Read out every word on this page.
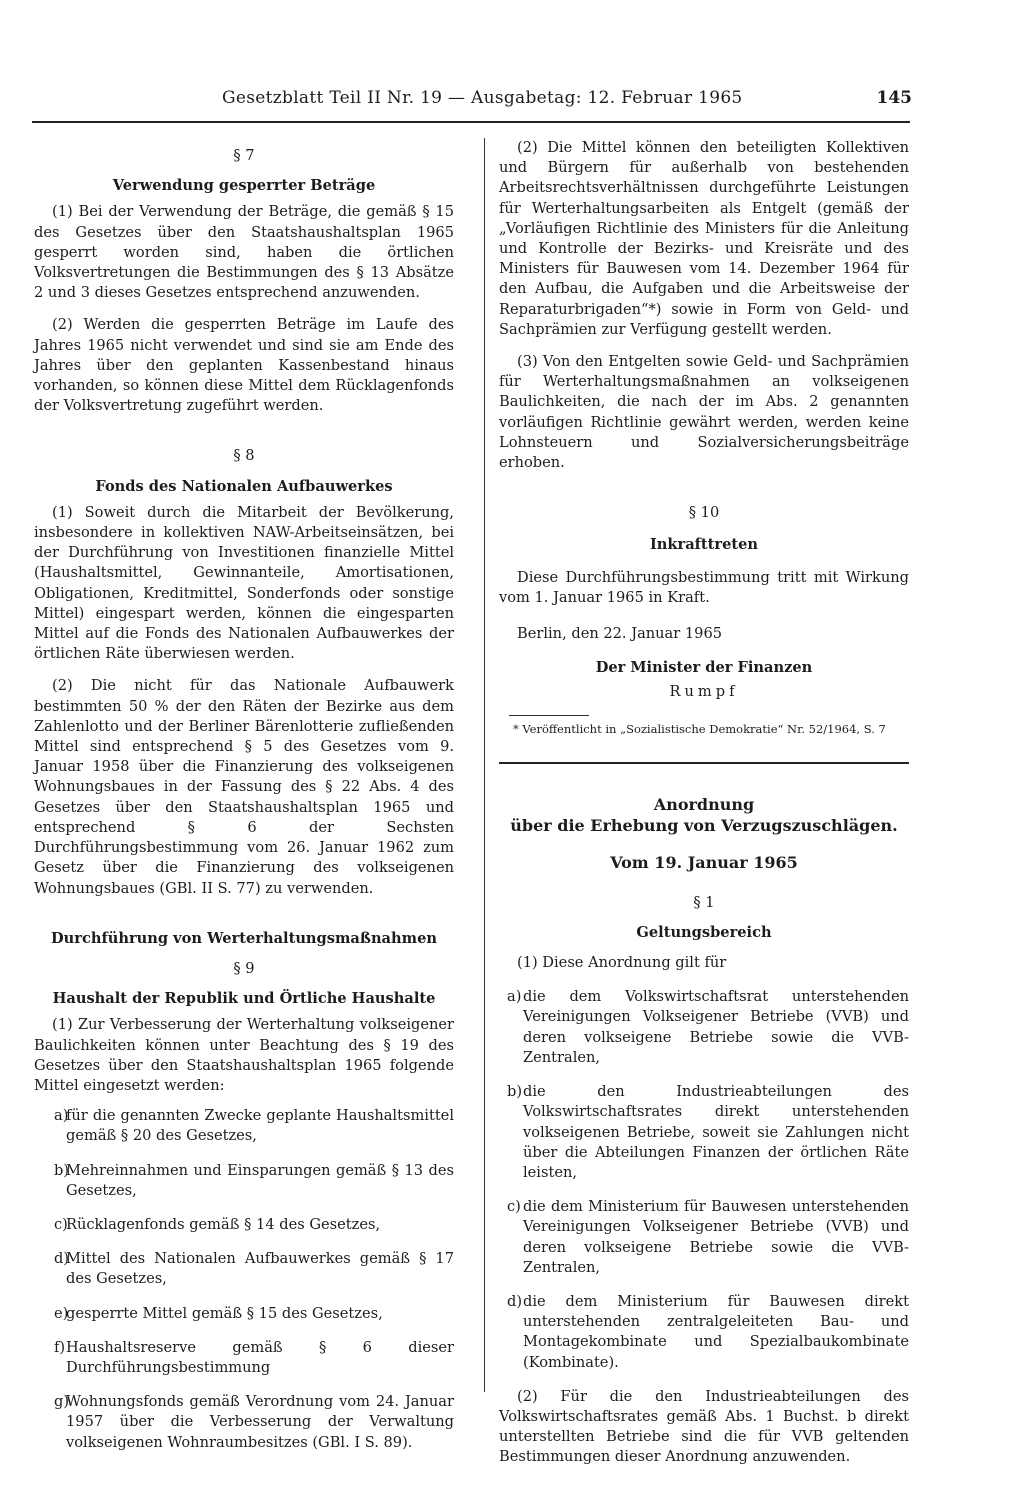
Gesetzblatt Teil II Nr. 19 — Ausgabetag: 12. Februar 1965	145

§ 7

Verwendung gesperrter Beträge

(1) Bei der Verwendung der Beträge, die gemäß § 15 des Gesetzes über den Staatshaushaltsplan 1965 gesperrt worden sind, haben die örtlichen Volksvertretungen die Bestimmungen des § 13 Absätze 2 und 3 dieses Gesetzes entsprechend anzuwenden.

(2) Werden die gesperrten Beträge im Laufe des Jahres 1965 nicht verwendet und sind sie am Ende des Jahres über den geplanten Kassenbestand hinaus vorhanden, so können diese Mittel dem Rücklagenfonds der Volksvertretung zugeführt werden.

§ 8

Fonds des Nationalen Aufbauwerkes

(1) Soweit durch die Mitarbeit der Bevölkerung, insbesondere in kollektiven NAW-Arbeitseinsätzen, bei der Durchführung von Investitionen finanzielle Mittel (Haushaltsmittel, Gewinnanteile, Amortisationen, Obligationen, Kreditmittel, Sonderfonds oder sonstige Mittel) eingespart werden, können die eingesparten Mittel auf die Fonds des Nationalen Aufbauwerkes der örtlichen Räte überwiesen werden.

(2) Die nicht für das Nationale Aufbauwerk bestimmten 50 % der den Räten der Bezirke aus dem Zahlenlotto und der Berliner Bärenlotterie zufließenden Mittel sind entsprechend § 5 des Gesetzes vom 9. Januar 1958 über die Finanzierung des volkseigenen Wohnungsbaues in der Fassung des § 22 Abs. 4 des Gesetzes über den Staatshaushaltsplan 1965 und entsprechend § 6 der Sechsten Durchführungsbestimmung vom 26. Januar 1962 zum Gesetz über die Finanzierung des volkseigenen Wohnungsbaues (GBl. II S. 77) zu verwenden.

Durchführung von Werterhaltungsmaßnahmen

§ 9

Haushalt der Republik und Örtliche Haushalte

(1) Zur Verbesserung der Werterhaltung volkseigener Baulichkeiten können unter Beachtung des § 19 des Gesetzes über den Staatshaushaltsplan 1965 folgende Mittel eingesetzt werden:

a)
für die genannten Zwecke geplante Haushaltsmittel gemäß § 20 des Gesetzes,
b)
Mehreinnahmen und Einsparungen gemäß § 13 des Gesetzes,
c)
Rücklagenfonds gemäß § 14 des Gesetzes,
d)
Mittel des Nationalen Aufbauwerkes gemäß § 17 des Gesetzes,
e)
gesperrte Mittel gemäß § 15 des Gesetzes,
f) Haushaltsreserve gemäß § 6 dieser Durchführungsbestimmung
g)
Wohnungsfonds gemäß Verordnung vom 24. Januar 1957 über die Verbesserung der Verwaltung volkseigenen Wohnraumbesitzes (GBl. I S. 89).

(2) Die Mittel können den beteiligten Kollektiven und Bürgern für außerhalb von bestehenden Arbeitsrechtsverhältnissen durchgeführte Leistungen für Werterhaltungsarbeiten als Entgelt (gemäß der „Vorläufigen Richtlinie des Ministers für die Anleitung und Kontrolle der Bezirks- und Kreisräte und des Ministers für Bauwesen vom 14. Dezember 1964 für den Aufbau, die Aufgaben und die Arbeitsweise der Reparaturbrigaden“*) sowie in Form von Geld- und Sachprämien zur Verfügung gestellt werden.

(3) Von den Entgelten sowie Geld- und Sachprämien für Werterhaltungsmaßnahmen an volkseigenen Baulichkeiten, die nach der im Abs. 2 genannten vorläufigen Richtlinie gewährt werden, werden keine Lohnsteuern und Sozialversicherungsbeiträge erhoben.

§ 10

Inkrafttreten

Diese Durchführungsbestimmung tritt mit Wirkung vom 1. Januar 1965 in Kraft.

Berlin, den 22. Januar 1965

Der Minister der Finanzen

Rumpf

* Veröffentlicht in „Sozialistische Demokratie“ Nr. 52/1964, S. 7

Anordnung

über die Erhebung von Verzugszuschlägen.

Vom 19. Januar 1965

§ 1

Geltungsbereich

(1) Diese Anordnung gilt für

a) die dem Volkswirtschaftsrat unterstehenden Vereinigungen Volkseigener Betriebe (VVB) und deren volkseigene Betriebe sowie die VVB-Zentralen,
b) die den Industrieabteilungen des Volkswirtschaftsrates direkt unterstehenden volkseigenen Betriebe, soweit sie Zahlungen nicht über die Abteilungen Finanzen der örtlichen Räte leisten,
c) die dem Ministerium für Bauwesen unterstehenden Vereinigungen Volkseigener Betriebe (VVB) und deren volkseigene Betriebe sowie die VVB-Zentralen,
d) die dem Ministerium für Bauwesen direkt unterstehenden zentralgeleiteten Bau- und Montagekombinate und Spezialbaukombinate (Kombinate).

(2) Für die den Industrieabteilungen des Volkswirtschaftsrates gemäß Abs. 1 Buchst. b direkt unterstellten Betriebe sind die für VVB geltenden Bestimmungen dieser Anordnung anzuwenden.
